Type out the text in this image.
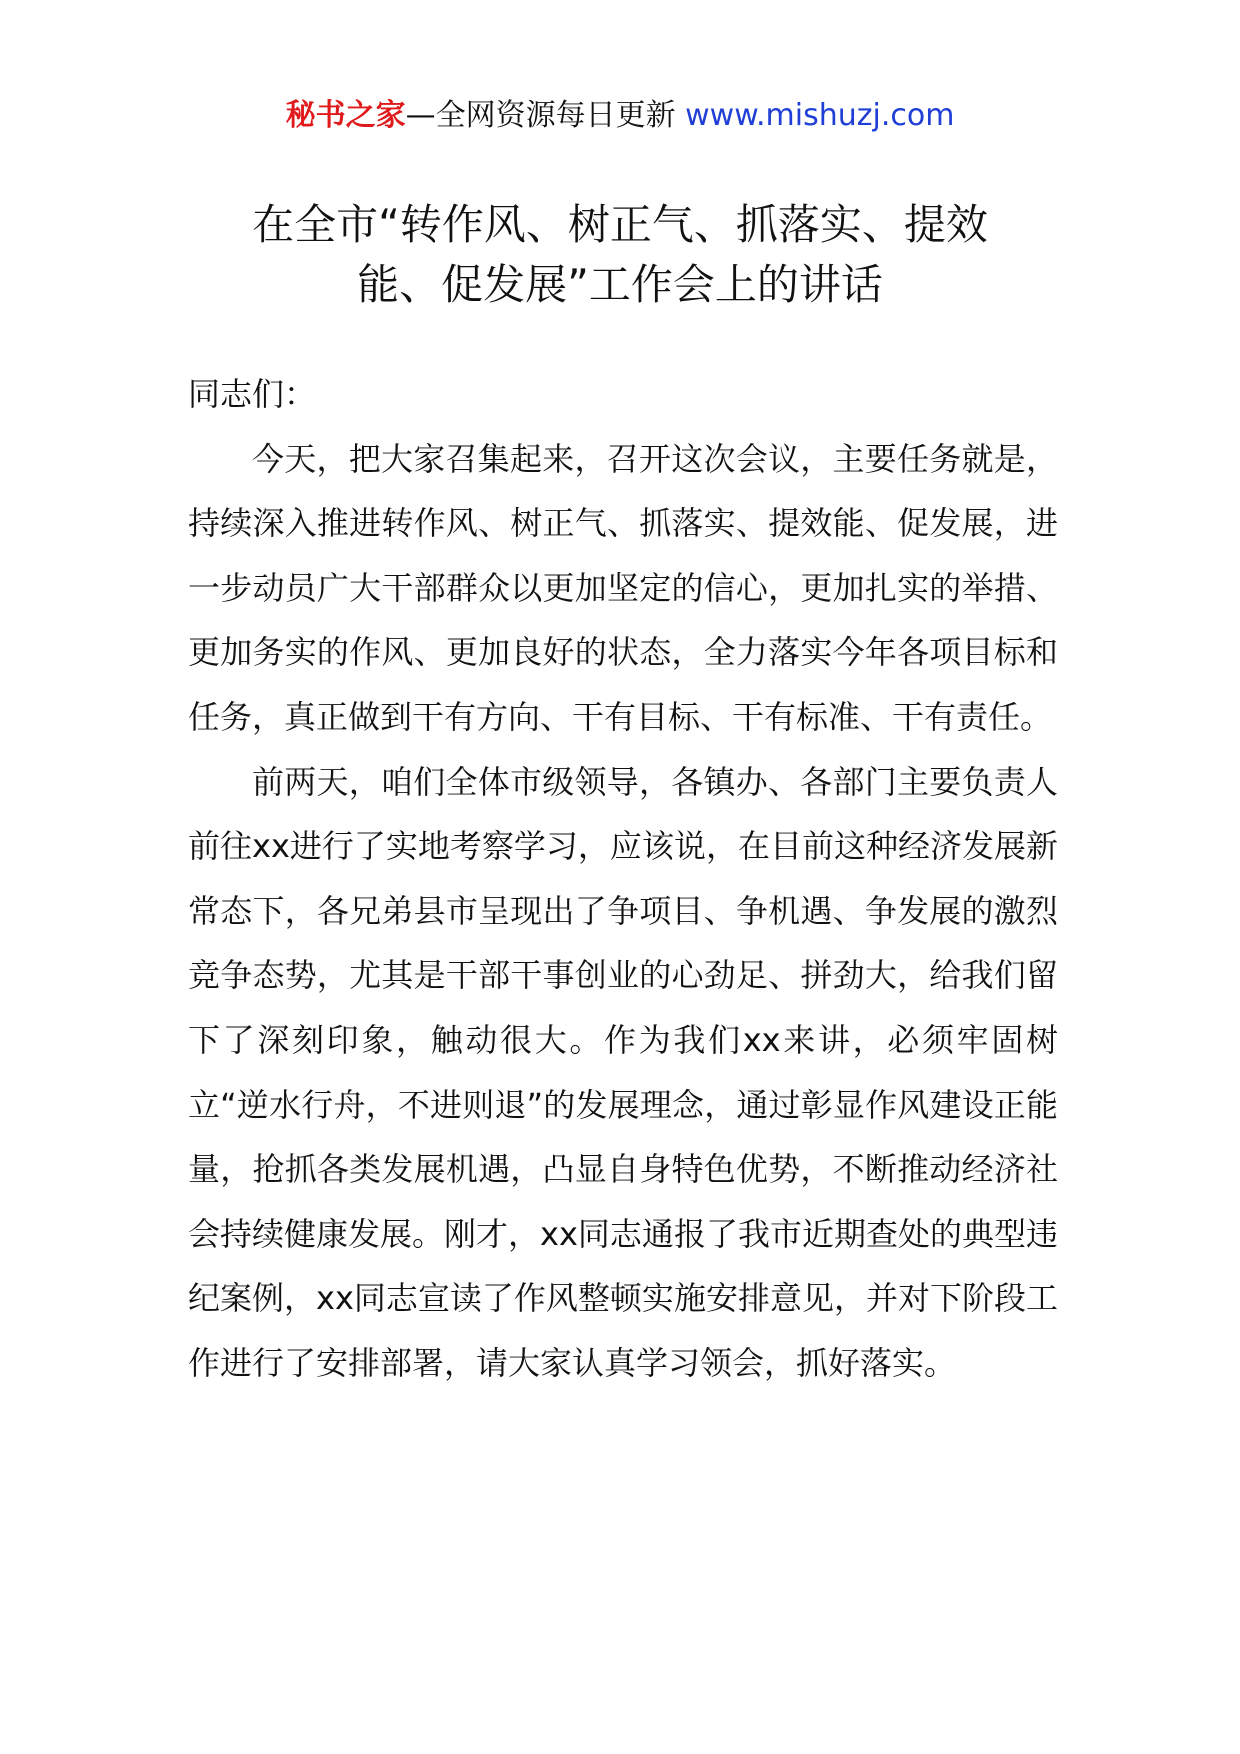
秘书之家—全网资源每日更新 www.mishuzj.com
在全市“转作风、树正气、抓落实、提效
能、促发展”工作会上的讲话

同志们：

今天，把大家召集起来，召开这次会议，主要任务就是，持续深入推进转作风、树正气、抓落实、提效能、促发展，进一步动员广大干部群众以更加坚定的信心，更加扎实的举措、更加务实的作风、更加良好的状态，全力落实今年各项目标和任务，真正做到干有方向、干有目标、干有标准、干有责任。

前两天，咱们全体市级领导，各镇办、各部门主要负责人前往xx进行了实地考察学习，应该说，在目前这种经济发展新常态下，各兄弟县市呈现出了争项目、争机遇、争发展的激烈竞争态势，尤其是干部干事创业的心劲足、拼劲大，给我们留下了深刻印象，触动很大。作为我们xx来讲，必须牢固树立“逆水行舟，不进则退”的发展理念，通过彰显作风建设正能量，抢抓各类发展机遇，凸显自身特色优势，不断推动经济社会持续健康发展。刚才，xx同志通报了我市近期查处的典型违纪案例，xx同志宣读了作风整顿实施安排意见，并对下阶段工作进行了安排部署，请大家认真学习领会，抓好落实。
